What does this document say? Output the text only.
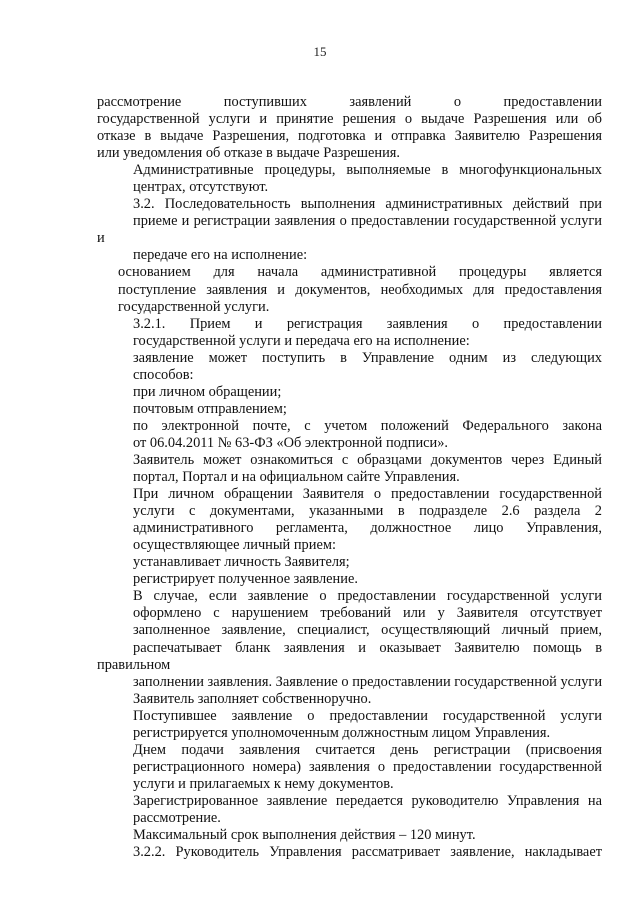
15
рассмотрение поступивших заявлений о предоставлении
государственной услуги и принятие решения о выдаче Разрешения или об
отказе в выдаче Разрешения, подготовка и отправка Заявителю Разрешения
или уведомления об отказе в выдаче Разрешения.
Административные процедуры, выполняемые в многофункциональных
центрах, отсутствуют.
3.2. Последовательность выполнения административных действий при
приеме и регистрации заявления о предоставлении государственной услуги и
передаче его на исполнение:
основанием для начала административной процедуры является
поступление заявления и документов, необходимых для предоставления
государственной услуги.
3.2.1. Прием и регистрация заявления о предоставлении
государственной услуги и передача его на исполнение:
заявление может поступить в Управление одним из следующих
способов:
при личном обращении;
почтовым отправлением;
по электронной почте, с учетом положений Федерального закона
от 06.04.2011 № 63-ФЗ «Об электронной подписи».
Заявитель может ознакомиться с образцами документов через Единый
портал, Портал и на официальном сайте Управления.
При личном обращении Заявителя о предоставлении государственной
услуги с документами, указанными в подразделе 2.6 раздела 2
административного регламента, должностное лицо Управления,
осуществляющее личный прием:
устанавливает личность Заявителя;
регистрирует полученное заявление.
В случае, если заявление о предоставлении государственной услуги
оформлено с нарушением требований или у Заявителя отсутствует
заполненное заявление, специалист, осуществляющий личный прием,
распечатывает бланк заявления и оказывает Заявителю помощь в правильном
заполнении заявления. Заявление о предоставлении государственной услуги
Заявитель заполняет собственноручно.
Поступившее заявление о предоставлении государственной услуги
регистрируется уполномоченным должностным лицом Управления.
Днем подачи заявления считается день регистрации (присвоения
регистрационного номера) заявления о предоставлении государственной
услуги и прилагаемых к нему документов.
Зарегистрированное заявление передается руководителю Управления на
рассмотрение.
Максимальный срок выполнения действия – 120 минут.
3.2.2. Руководитель Управления рассматривает заявление, накладывает
